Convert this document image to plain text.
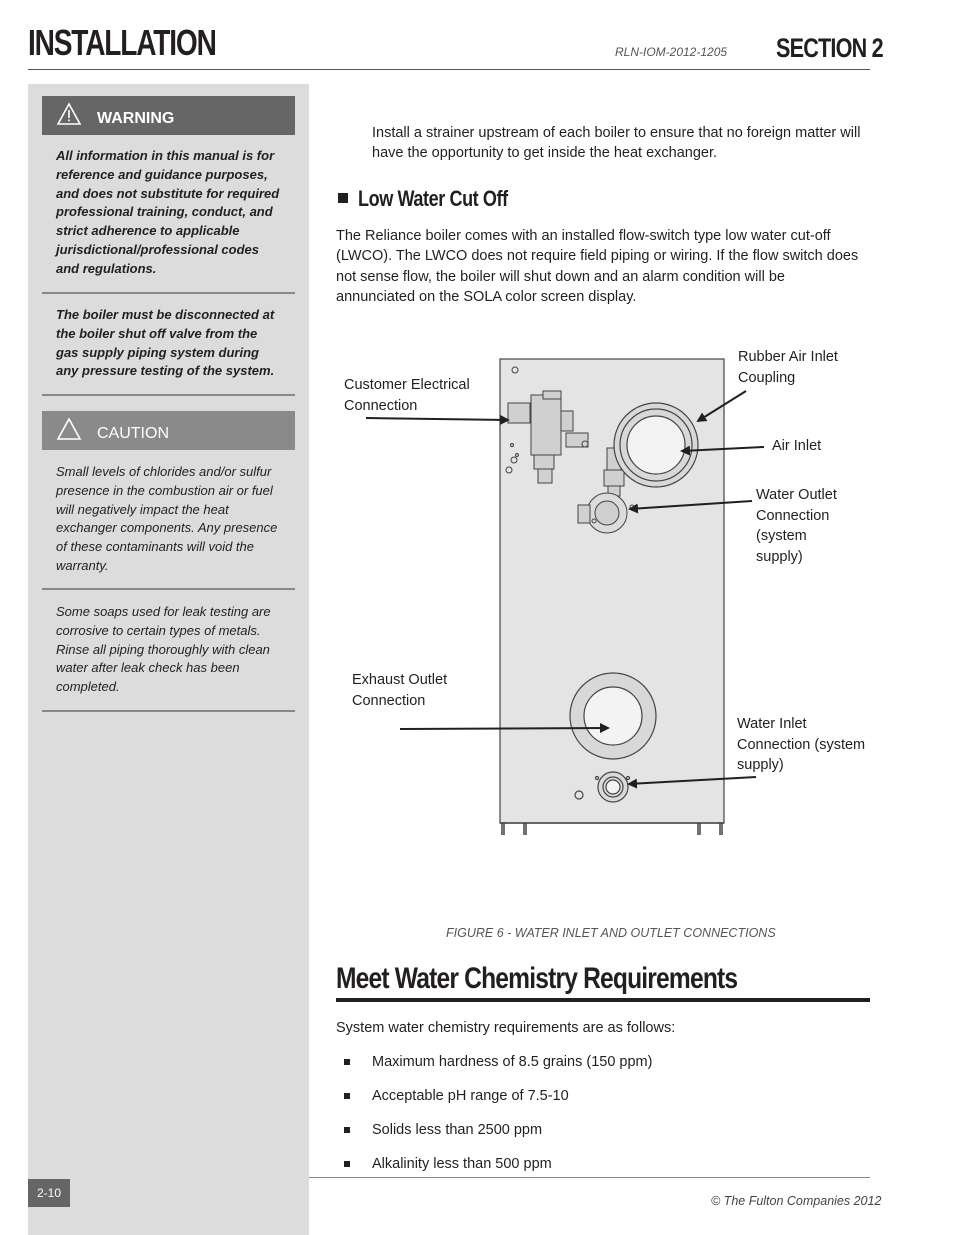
INSTALLATION	RLN-IOM-2012-1205 SECTION 2
WARNING
All information in this manual is for reference and guidance purposes, and does not substitute for required professional training, conduct, and strict adherence to applicable jurisdictional/professional codes and regulations.
The boiler must be disconnected at the boiler shut off valve from the gas supply piping system during any pressure testing of the system.
CAUTION
Small levels of chlorides and/or sulfur presence in the combustion air or fuel will negatively impact the heat exchanger components. Any presence of these contaminants will void the warranty.
Some soaps used for leak testing are corrosive to certain types of metals. Rinse all piping thoroughly with clean water after leak check has been completed.
Install a strainer upstream of each boiler to ensure that no foreign matter will have the opportunity to get inside the heat exchanger.
Low Water Cut Off
The Reliance boiler comes with an installed flow-switch type low water cut-off (LWCO). The LWCO does not require field piping or wiring. If the flow switch does not sense flow, the boiler will shut down and an alarm condition will be annunciated on the SOLA color screen display.
Customer Electrical Connection
Rubber Air Inlet Coupling
Air Inlet
Water Outlet Connection (system supply)
Exhaust Outlet Connection
Water Inlet Connection (system supply)
FIGURE 6 - WATER INLET AND OUTLET CONNECTIONS
Meet Water Chemistry Requirements
System water chemistry requirements are as follows:
Maximum hardness of 8.5 grains (150 ppm)
Acceptable pH range of 7.5-10
Solids less than 2500 ppm
Alkalinity less than 500 ppm
2-10
© The Fulton Companies 2012
